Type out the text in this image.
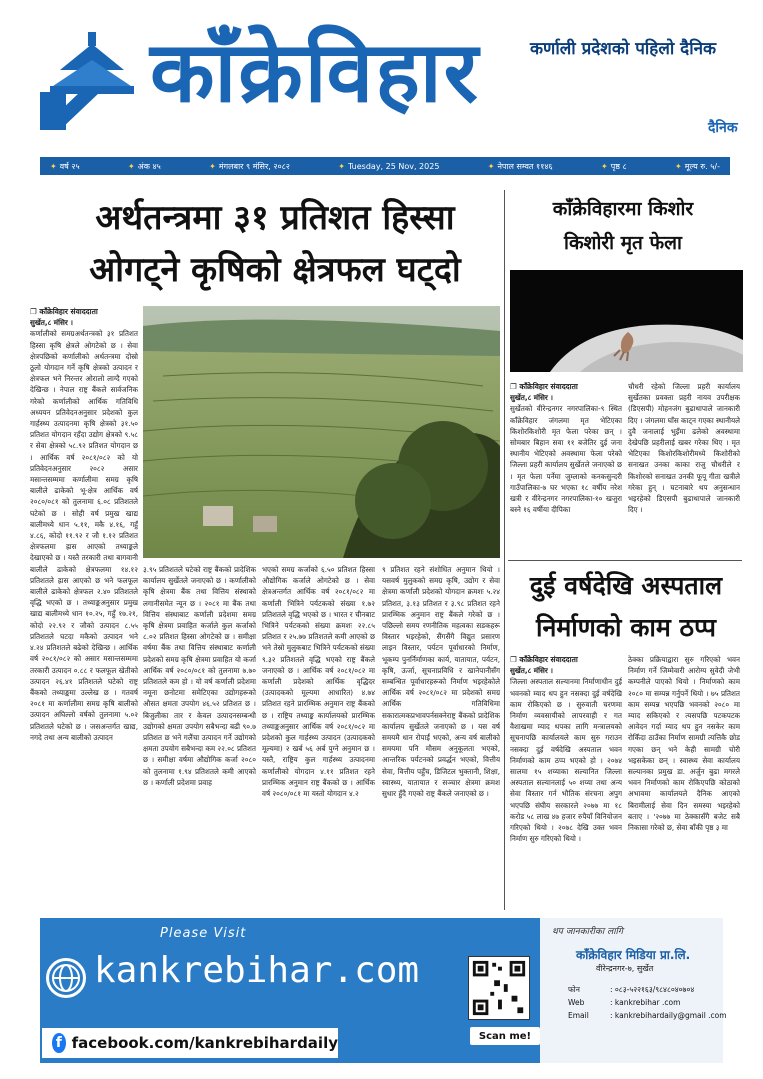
कांँक्रेविहार	कर्णाली प्रदेशको पहिलो दैनिक
दैनिक
✦ वर्ष २५	✦ अंक ४५	✦ मंगलबार ९ मंसिर, २०८२	✦ Tuesday, 25 Nov, 2025	✦ नेपाल सम्वत ११४६	✦ पृष्ठ ८	✦ मूल्य रु. ५/-
अर्थतन्त्रमा ३१ प्रतिशत हिस्सा
ओगट्ने कृषिको क्षेत्रफल घट्दो
❐ कांँक्रेविहार संवाददाता
सुर्खेत,८ मंसिर ।
कर्णालीको समग्रअर्थतन्त्रको ३१ प्रतिशत हिस्सा कृषि क्षेत्रले ओगटेको छ । सेवा क्षेत्रपछिको कर्णालीको अर्थतन्त्रमा दोस्रो ठूलो योगदान गर्ने कृषि क्षेत्रको उत्पादन र क्षेत्रफल भने निरन्तर ओरालो लाग्दै गएको देखिन्छ । नेपाल राष्ट्र बैंकले सार्वजनिक गरेको कर्णालीको आर्थिक गतिविधि अध्ययन प्रतिवेदनअनुसार प्रदेशको कुल गार्हस्थ्य उत्पादनमा कृषि क्षेत्रको ३१.५० प्रतिशत योगदान रहँदा उद्योग क्षेत्रको ९.५८ र सेवा क्षेत्रको ५८.९२ प्रतिशत योगदान छ । आर्थिक वर्ष २०८१/०८२ को यो प्रतिवेदनअनुसार २०८२ असार मसान्तसम्ममा कर्णालीमा समग्र कृषि बालीले ढाकेको भू-क्षेत्र आर्थिक वर्ष २०८०/०८१ को तुलनामा ६.०८ प्रतिशतले घटेको छ । सोही वर्ष प्रमुख खाद्य बालीमध्ये धान ५.११, मकै ४.१६, गहुँ ४.८६, कोदो ११.९२ र जौ १.१२ प्रतिशत क्षेत्रफलमा ह्रास आएको तथ्याङ्कले देखाएको छ । यस्तै तरकारी तथा बागवानी बालीले ढाकेको क्षेत्रफलमा १४.१२ प्रतिशतले ह्रास आएको छ भने फलफूल बालीले ढाकेको क्षेत्रफल २.४० प्रतिशतले वृद्धि भएको छ । तथ्याङ्कअनुसार प्रमुख खाद्य बालीमध्ये धान १०.२५, गहुँ १७.२१, कोदो २२.९२ र जौको उत्पादन ८.५५ प्रतिशतले घटदा मकैको उत्पादन भने ४.२४ प्रतिशतले बढेको देखिन्छ । आर्थिक वर्ष २०८१/०८२ को असार मसान्तसम्ममा तरकारी उत्पादन ०.८८ र फलफूल खेतीको उत्पादन २६.४१ प्रतिशतले घटेको राष्ट्र बैंकको तथ्याङ्कमा उल्लेख छ । गतवर्ष २०८१ मा कर्णालीमा समग्र कृषि बालीको उत्पादन अघिल्लो वर्षको तुलनामा ५.०२ प्रतिशतले घटेको छ । जसअन्तर्गत खाद्य, नगदे तथा अन्य बालीको उत्पादन
३.९५ प्रतिशतले घटेको राष्ट्र बैंकको प्रादेशिक कार्यालय सुर्खेतले जनाएको छ । कर्णालीको कृषि क्षेत्रमा बैंक तथा वित्तिय संस्थाको लगानीसमेत न्यून छ । २०८१ मा बैंक तथा वित्तिय संस्थाबाट कर्णाली प्रदेशमा समग्र कृषि क्षेत्रमा प्रवाहित कर्जाले कुल कर्जाको ८.०२ प्रतिशत हिस्सा ओगटेको छ । समीक्षा वर्षमा बैंक तथा वित्तिय संस्थाबाट कर्णाली प्रदेशको समग्र कृषि क्षेत्रमा प्रवाहित यो कर्जा आर्थिक वर्ष २०८०/०८१ को तुलनामा ७.७० प्रतिशतले कम हो । यो वर्ष कर्णाली प्रदेशमा नमूना छनोटमा समेटिएका उद्योगहरूको औसत क्षमता उपयोग ४६.५२ प्रतिशत छ । बिजुलीका तार र केवल उत्पादनसम्बन्धी उद्योगको क्षमता उपयोग सबैभन्दा बढी ९०.७ प्रतिशत छ भने गलैंचा उत्पादन गर्ने उद्योगको क्षमता उपयोग सबैभन्दा कम २२.०८ प्रतिशत छ । समीक्षा वर्षमा औद्योगिक कर्जा २०८० को तुलनामा १.९४ प्रतिशतले कमी आएको छ । कर्णाली प्रदेशमा प्रवाह
भएको समग्र कर्जाको ६.५० प्रतिशत हिस्सा औद्योगिक कर्जाले ओगटेको छ । सेवा क्षेत्रअन्तर्गत आर्थिक वर्ष २०८१/०८२ मा कर्णाली भित्रिने पर्यटकको संख्या १.७२ प्रतिशतले वृद्धि भएको छ । भारत र चीनबाट भित्रिने पर्यटकको संख्या क्रमशः २२.८५ प्रतिशत र २५.७७ प्रतिशतले कमी आएको छ भने तेस्रो मुलुकबाट भित्रिने पर्यटकको संख्या ९.३२ प्रतिशतले वृद्धि भएको राष्ट्र बैंकले जनाएको छ । आर्थिक वर्ष २०८१/०८२ मा कर्णाली प्रदेशको आर्थिक वृद्धिदर (उत्पादकको मूल्यमा आधारित) ४.७४ प्रतिशत रहने प्रारम्भिक अनुमान राष्ट्र बैंकको छ । राष्ट्रिय तथ्याङ्क कार्यालयको प्रारम्भिक तथ्याङ्कअनुसार आर्थिक वर्ष २०८१/०८२ मा प्रदेशको कुल गार्हस्थ्य उत्पादन (उत्पादकको मूल्यमा) २ खर्ब ५६ अर्ब पुग्ने अनुमान छ । यस्तै, राष्ट्रिय कुल गार्हस्थ्य उत्पादनमा कर्णालीको योगदान ४.११ प्रतिशत रहने प्रारम्भिक अनुमान राष्ट्र बैंकको छ । आर्थिक वर्ष २०८०/०८१ मा यस्तो योगदान ४.२
९ प्रतिशत रहने संशोधित अनुमान थियो । यसवर्ष मुलुकको समग्र कृषि, उद्योग र सेवा क्षेत्रमा कर्णाली प्रदेशको योगदान क्रमशः ५.२४ प्रतिशत, ३.१३ प्रतिशत र ३.९८ प्रतिशत रहने प्रारम्भिक अनुमान राष्ट्र बैंकले गरेको छ । पछिल्लो समय रणनीतिक महत्वका सडकहरू विस्तार भइरहेको, सैंगसैंगै विद्युत प्रसारण लाइन विस्तार, पर्यटन पूर्वाधारको निर्माण, भूकम्प पुनर्निर्माणका कार्य, यातायात, पर्यटन, कृषि, ऊर्जा, सूचनाप्रविधि र खानेपानीसँग सम्बन्धित पूर्वाधारहरूको निर्माण भइरहेकोले आर्थिक वर्ष २०८१/०८२ मा प्रदेशको समग्र आर्थिक गतिविधिमा सकारात्मकप्रभावपर्नसक्नेराष्ट्र बैंकको प्रादेशिक कार्यालय सुर्खेतले जनाएको छ । यस वर्ष समयमै धान रोपाईं भएको, अन्य वर्ष बालीको समयमा पनि मौसम अनुकूलता भएको, आन्तरिक पर्यटनको प्रवर्द्धन भएको, वित्तीय सेवा, वित्तीय पहुँच, डिजिटल भुक्तानी, शिक्षा, स्वास्थ्य, यातायात र सञ्चार क्षेत्रमा क्रमश सुधार हुँदै गएको राष्ट्र बैंकले जनाएको छ ।
कांँक्रेविहारमा किशोर
किशोरी मृत फेला
❐ कांँक्रेविहार संवाददाता
सुर्खेत,८ मंसिर ।
सुर्खेतको वीरेन्द्रनगर नगरपालिका-९ स्थित कांँक्रेविहार जंगलमा मृत भेटिएका किशोरकिशोरी मृत फेला परेका छन् । सोमबार बिहान सवा ११ बजेतिर दुई जना स्थानीय भेटिएको अवस्थामा फेला परेको जिल्ला प्रहरी कार्यालय सुर्खेतले जनाएको छ । मृत फेला पर्नेमा जुम्लाको कनकसुन्दरी गाउँपालिका-७ घर भएका १८ वर्षीय नरेश खत्री र वीरेन्द्रनगर नगरपालिका-१० खजुरा बस्ने १६ वर्षीया दीपिका
चौधरी रहेको जिल्ला प्रहरी कार्यालय सुर्खेतका प्रवक्ता प्रहरी नायव उपरीक्षक (डिएसपी) मोहनजंग बुढाथापाले जानकारी दिए । जंगलमा घाँस काट्न गएका स्थानीयले दुवै जनालाई भुइँमा ढलेको अवस्थामा देखेपछि प्रहरीलाई खबर गरेका थिए । मृत भेटिएका किशोरकिशोरीमध्ये किशोरीको सनाखत उनका काका राजु चौधरीले र किशोरको सनाखत उनकी फूपू गीता खत्रीले गरेका हुन् । घटनाबारे थप अनुसन्धान भइरहेको डिएसपी बुढाथापाले जानकारी दिए ।
दुई वर्षदेखि अस्पताल
निर्माणको काम ठप्प
❐ कांँक्रेविहार संवाददाता
सुर्खेत,८ मंसिर ।
जिल्ला अस्पताल सल्यानमा निर्माणाधीन दुई भवनको म्याद थप हुन नसक्दा दुई वर्षदेखि काम रोकिएको छ । सुरुवाती चरणमा निर्माण व्यवसायीको लापरवाही र गत वैशाखमा म्याद थपका लागि मन्त्रालयको सूचनापछि कार्यालयले काम सुरु गराउन नसक्दा दुई वर्षदेखि अस्पताल भवन निर्माणको काम ठप्प भएको हो । २०७४ सालमा १५ शय्याका सल्यानित जिल्ला अस्पताल सल्यानलाई ५० शय्या तथा अन्य सेवा विस्तार गर्न भौतिक संरचना अपुग भएपछि संघीय सरकारले २०७७ मा १८ करोड ५८ लाख ४७ हजार रुपैयाँ विनियोजन गरिएको थियो । २०७८ देखि उक्त भवन निर्माण सुरु गरिएको थियो ।
ठेक्का प्रक्रियाद्वारा सुरु गरिएको भवन निर्माण गर्ने जिम्मेवारी आरोग्य सुवेदी जेभी कम्पनीले पाएको थियो । निर्माणको काम २०८० मा सम्पन्न गर्नुपर्ने थियो । ७५ प्रतिशत काम सम्पन्न भएपछि भवनको २०८० मा म्याद सकिएको र त्यसपछि पटकपटक आवेदन गर्दा म्याद थप हुन नसकेर काम रोकिँदा ठाउँका निर्माण सामग्री त्यत्तिकै छोड गएका छन् भने केही सामग्री चोरी भइसकेका छन् । स्वास्थ्य सेवा कार्यालय सल्यानका प्रमुख डा. अर्जुन बुढा मगरले भवन निर्माणको काम रोकिएपछि कोठाको अभावमा कार्यालयले दैनिक आएको बिरामीलाई सेवा दिन समस्या भइरहेको बताए । '२०७७ मा ठेक्कासँगै बजेट सबै निकासा गरेको छ, सेवा बाँकी पृष्ठ ३ मा
Please Visit
kankrebihar.com
f facebook.com/kankrebihardaily	Scan me!
थप जानकारीका लागि
कांँक्रेविहार मिडिया प्रा.लि.
वीरेन्द्रनगर-७, सुर्खेत
फोन	: ०८३-५२२१६३/९८४८०४०७०४
Web	: kankrebihar .com
Email	: kankrebihardaily@gmail .com
